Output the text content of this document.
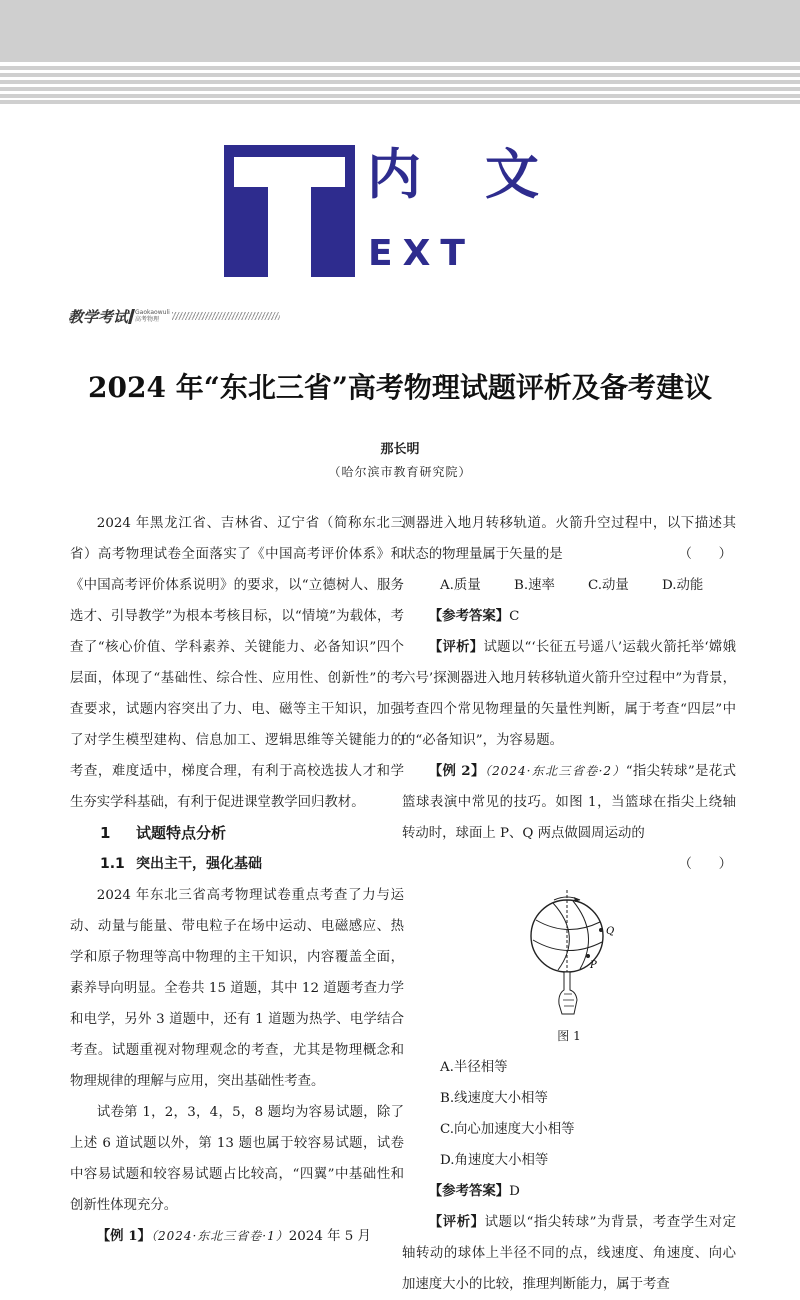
内文
EXT
教学考试 Gaokaowuli
高考物理
2024 年“东北三省”高考物理试题评析及备考建议
那长明
（哈尔滨市教育研究院）

2024 年黑龙江省、吉林省、辽宁省（简称东北三省）高考物理试卷全面落实了《中国高考评价体系》和《中国高考评价体系说明》的要求，以“立德树人、服务选才、引导教学”为根本考核目标，以“情境”为载体，考查了“核心价值、学科素养、关键能力、必备知识”四个层面，体现了“基础性、综合性、应用性、创新性”的考查要求，试题内容突出了力、电、磁等主干知识，加强了对学生模型建构、信息加工、逻辑思维等关键能力的考查，难度适中，梯度合理，有利于高校选拔人才和学生夯实学科基础，有利于促进课堂教学回归教材。

1 试题特点分析

1.1 突出主干，强化基础

2024 年东北三省高考物理试卷重点考查了力与运动、动量与能量、带电粒子在场中运动、电磁感应、热学和原子物理等高中物理的主干知识，内容覆盖全面，素养导向明显。全卷共 15 道题，其中 12 道题考查力学和电学，另外 3 道题中，还有 1 道题为热学、电学结合考查。试题重视对物理观念的考查，尤其是物理概念和物理规律的理解与应用，突出基础性考查。

试卷第 1，2，3，4，5，8 题均为容易试题，除了上述 6 道试题以外，第 13 题也属于较容易试题，试卷中容易试题和较容易试题占比较高，“四翼”中基础性和创新性体现充分。

【例 1】（2024·东北三省卷·1）2024 年 5 月

测器进入地月转移轨道。火箭升空过程中，以下描述其状态的物理量属于矢量的是	（　　）

A.质量	B.速率	C.动量	D.动能

【参考答案】C

【评析】试题以“‘长征五号遥八’运载火箭托举‘嫦娥六号’探测器进入地月转移轨道火箭升空过程中”为背景，考查四个常见物理量的矢量性判断，属于考查“四层”中的“必备知识”，为容易题。

【例 2】（2024·东北三省卷·2）“指尖转球”是花式篮球表演中常见的技巧。如图 1，当篮球在指尖上绕轴转动时，球面上 P、Q 两点做圆周运动的

（　　）

Q
P
图 1

A.半径相等

B.线速度大小相等

C.向心加速度大小相等

D.角速度大小相等

【参考答案】D

【评析】试题以“指尖转球”为背景，考查学生对定轴转动的球体上半径不同的点，线速度、角速度、向心加速度大小的比较，推理判断能力，属于考查
